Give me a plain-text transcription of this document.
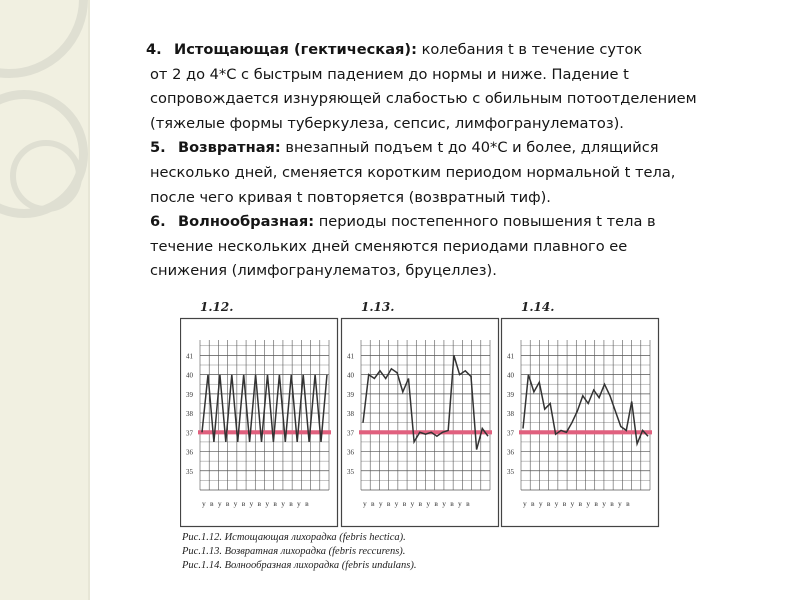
4. Истощающая (гектическая): колебания t в течение суток
от 2 до 4*С с быстрым падением до нормы и ниже. Падение t
сопровождается изнуряющей слабостью с обильным потоотделением
(тяжелые формы туберкулеза, сепсис, лимфогранулематоз).

5. Возвратная: внезапный подъем t до 40*С и более, длящийся
несколько дней, сменяется коротким периодом нормальной t тела,
после чего кривая t повторяется (возвратный тиф).

6. Волнообразная: периоды постепенного повышения t тела в
течение нескольких дней сменяются периодами плавного ее
снижения (лимфогранулематоз, бруцеллез).

1.12.	1.13.	1.14.
41
40
39
38
37
36
35
у в у в у в у в у в у в у в
41
40
39
38
37
36
35
у в у в у в у в у в у в у в
41
40
39
38
37
36
35
у в у в у в у в у в у в у в
Рис.1.12. Истощающая лихорадка (febris hectica).
Рис.1.13. Возвратная лихорадка (febris reccurens).
Рис.1.14. Волнообразная лихорадка (febris undulans).
